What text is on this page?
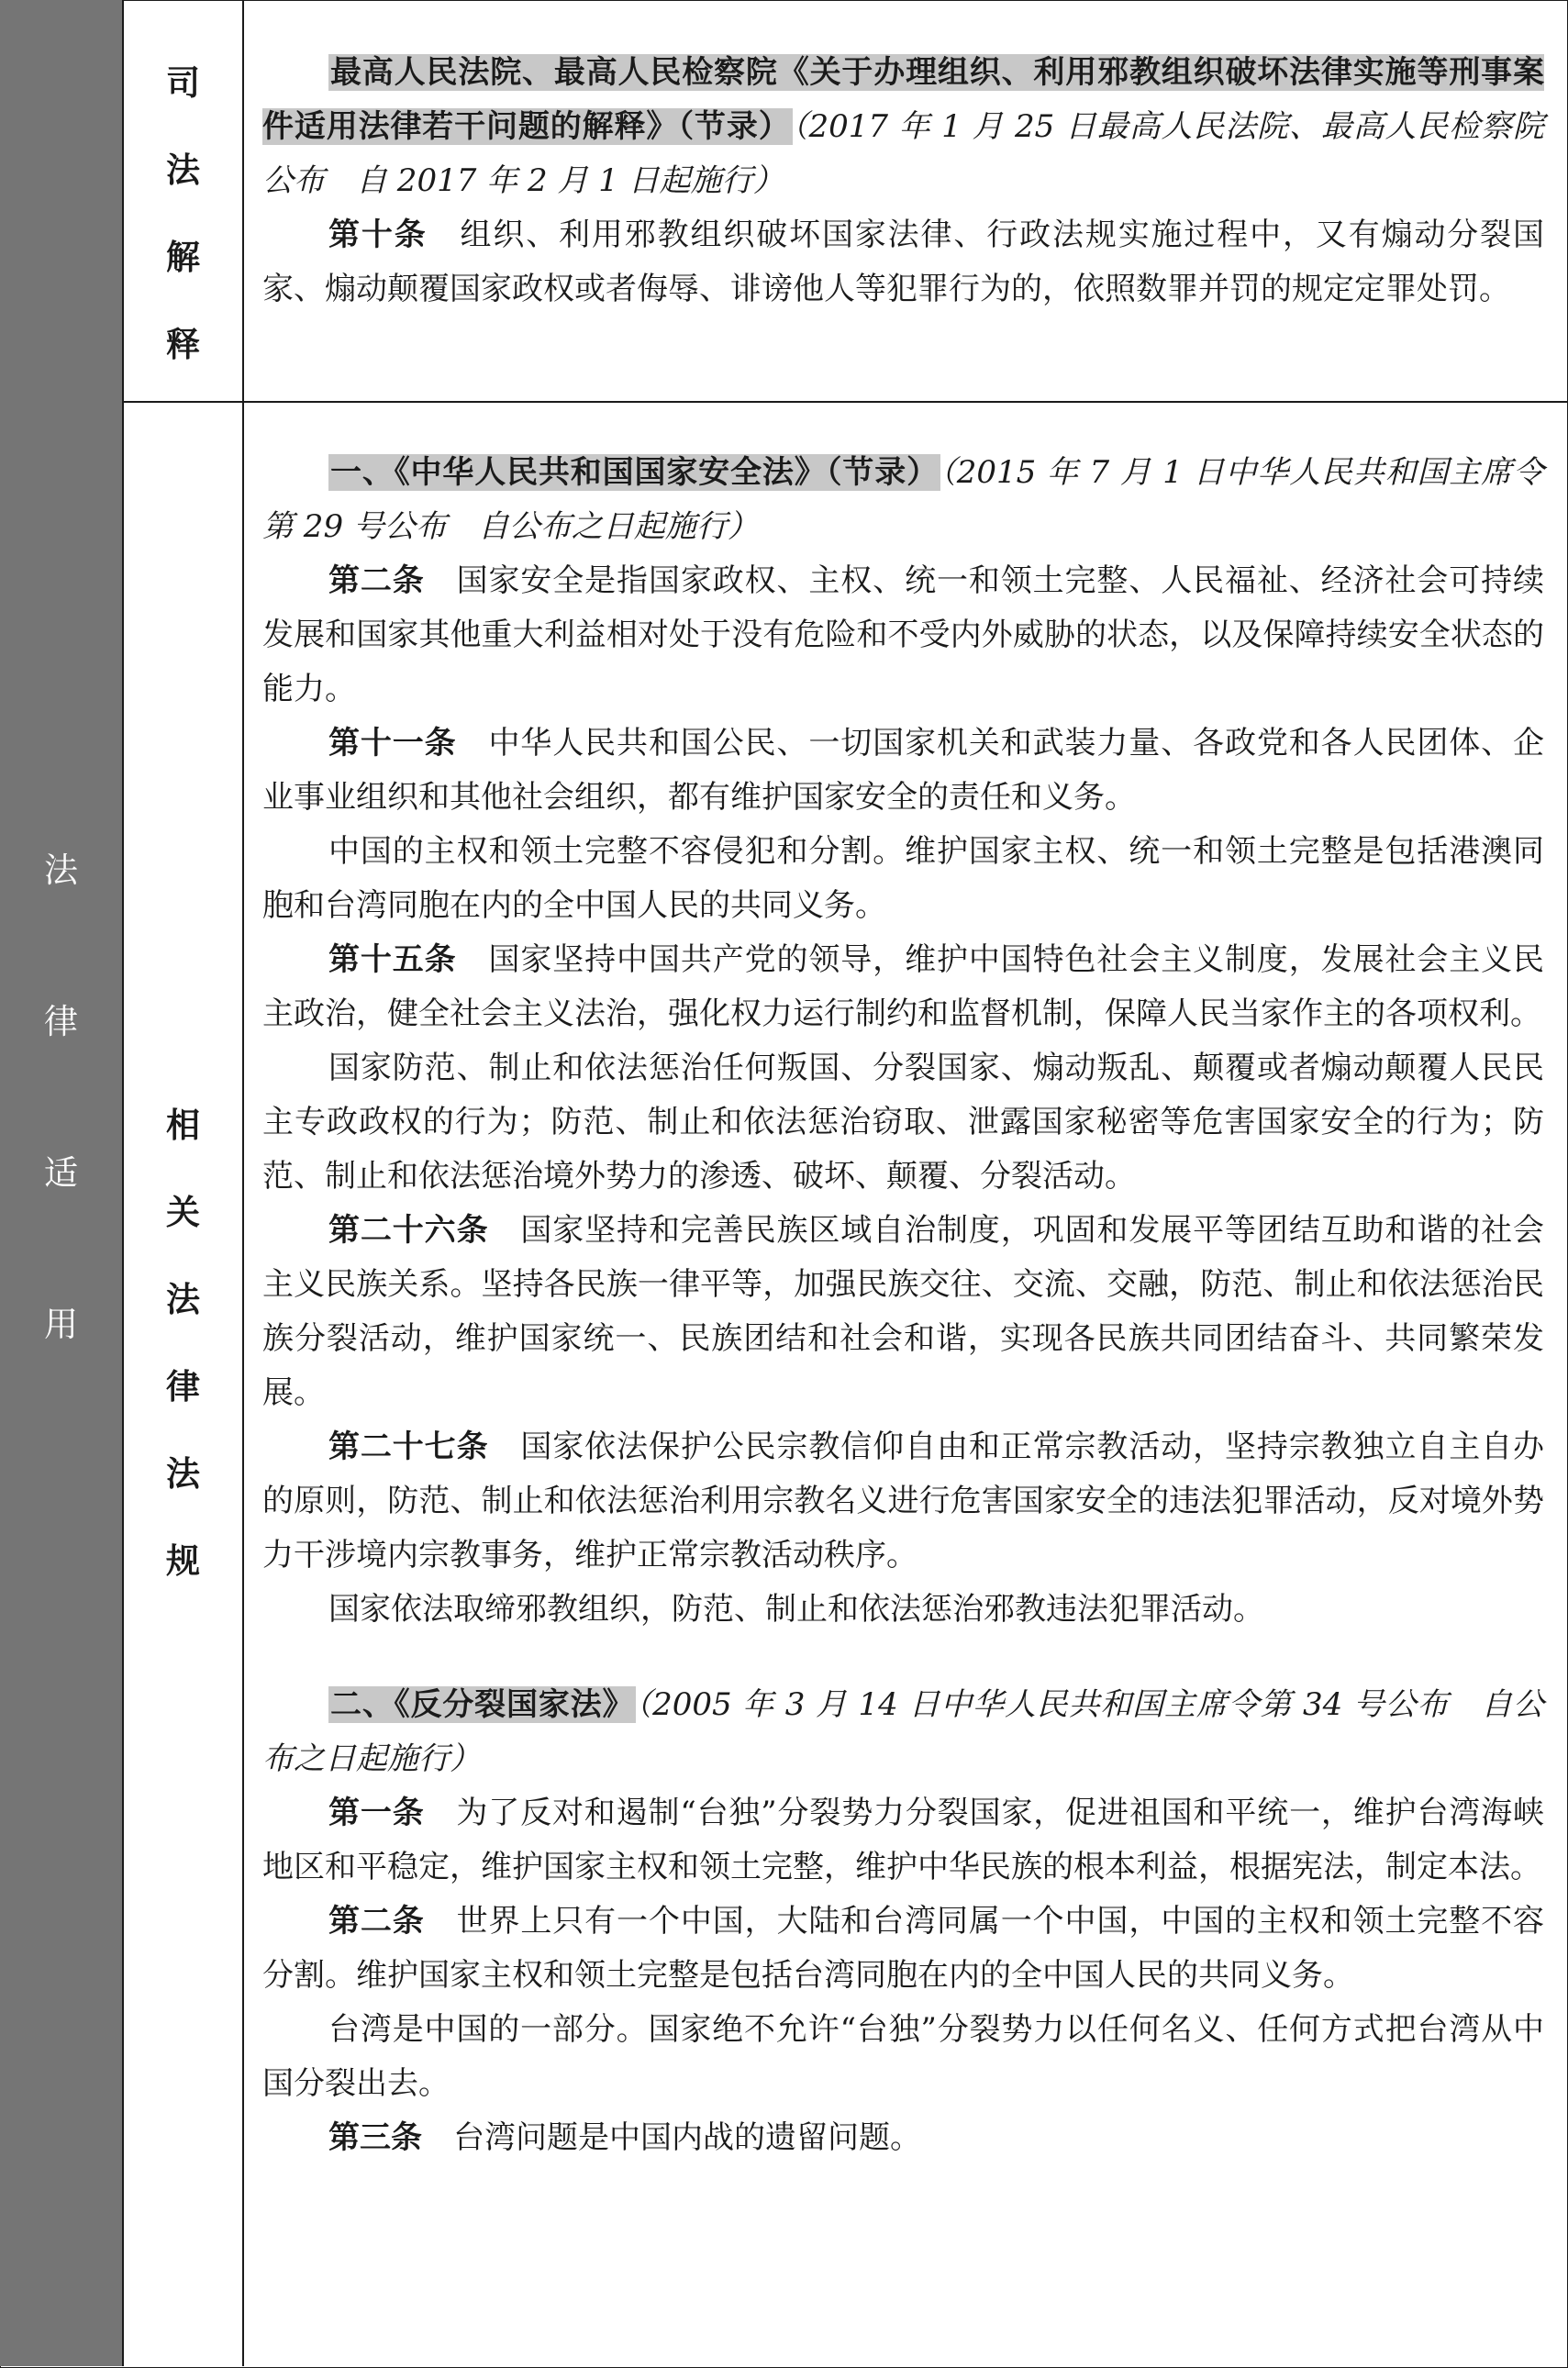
法
律
适
用
司
法
解
释

最高人民法院、最高人民检察院《关于办理组织、利用邪教组织破坏法律实施等刑事案件适用法律若干问题的解释》（节录）（2017 年 1 月 25 日最高人民法院、最高人民检察院公布　自 2017 年 2 月 1 日起施行）

第十条　 组织、利用邪教组织破坏国家法律、行政法规实施过程中，又有煽动分裂国家、煽动颠覆国家政权或者侮辱、诽谤他人等犯罪行为的，依照数罪并罚的规定定罪处罚。

相
关
法
律
法
规

一、《中华人民共和国国家安全法》（节录）（2015 年 7 月 1 日中华人民共和国主席令第 29 号公布　自公布之日起施行）

第二条　 国家安全是指国家政权、主权、统一和领土完整、人民福祉、经济社会可持续发展和国家其他重大利益相对处于没有危险和不受内外威胁的状态，以及保障持续安全状态的能力。

第十一条　 中华人民共和国公民、一切国家机关和武装力量、各政党和各人民团体、企业事业组织和其他社会组织，都有维护国家安全的责任和义务。

中国的主权和领土完整不容侵犯和分割。维护国家主权、统一和领土完整是包括港澳同胞和台湾同胞在内的全中国人民的共同义务。

第十五条　 国家坚持中国共产党的领导，维护中国特色社会主义制度，发展社会主义民主政治，健全社会主义法治，强化权力运行制约和监督机制，保障人民当家作主的各项权利。

国家防范、制止和依法惩治任何叛国、分裂国家、煽动叛乱、颠覆或者煽动颠覆人民民主专政政权的行为；防范、制止和依法惩治窃取、泄露国家秘密等危害国家安全的行为；防范、制止和依法惩治境外势力的渗透、破坏、颠覆、分裂活动。

第二十六条　 国家坚持和完善民族区域自治制度，巩固和发展平等团结互助和谐的社会主义民族关系。坚持各民族一律平等，加强民族交往、交流、交融，防范、制止和依法惩治民族分裂活动，维护国家统一、民族团结和社会和谐，实现各民族共同团结奋斗、共同繁荣发展。

第二十七条　 国家依法保护公民宗教信仰自由和正常宗教活动，坚持宗教独立自主自办的原则，防范、制止和依法惩治利用宗教名义进行危害国家安全的违法犯罪活动，反对境外势力干涉境内宗教事务，维护正常宗教活动秩序。

国家依法取缔邪教组织，防范、制止和依法惩治邪教违法犯罪活动。

二、《反分裂国家法》（2005 年 3 月 14 日中华人民共和国主席令第 34 号公布　自公布之日起施行）

第一条　 为了反对和遏制“台独”分裂势力分裂国家，促进祖国和平统一，维护台湾海峡地区和平稳定，维护国家主权和领土完整，维护中华民族的根本利益，根据宪法，制定本法。

第二条　 世界上只有一个中国，大陆和台湾同属一个中国，中国的主权和领土完整不容分割。维护国家主权和领土完整是包括台湾同胞在内的全中国人民的共同义务。

台湾是中国的一部分。国家绝不允许“台独”分裂势力以任何名义、任何方式把台湾从中国分裂出去。

第三条　 台湾问题是中国内战的遗留问题。
